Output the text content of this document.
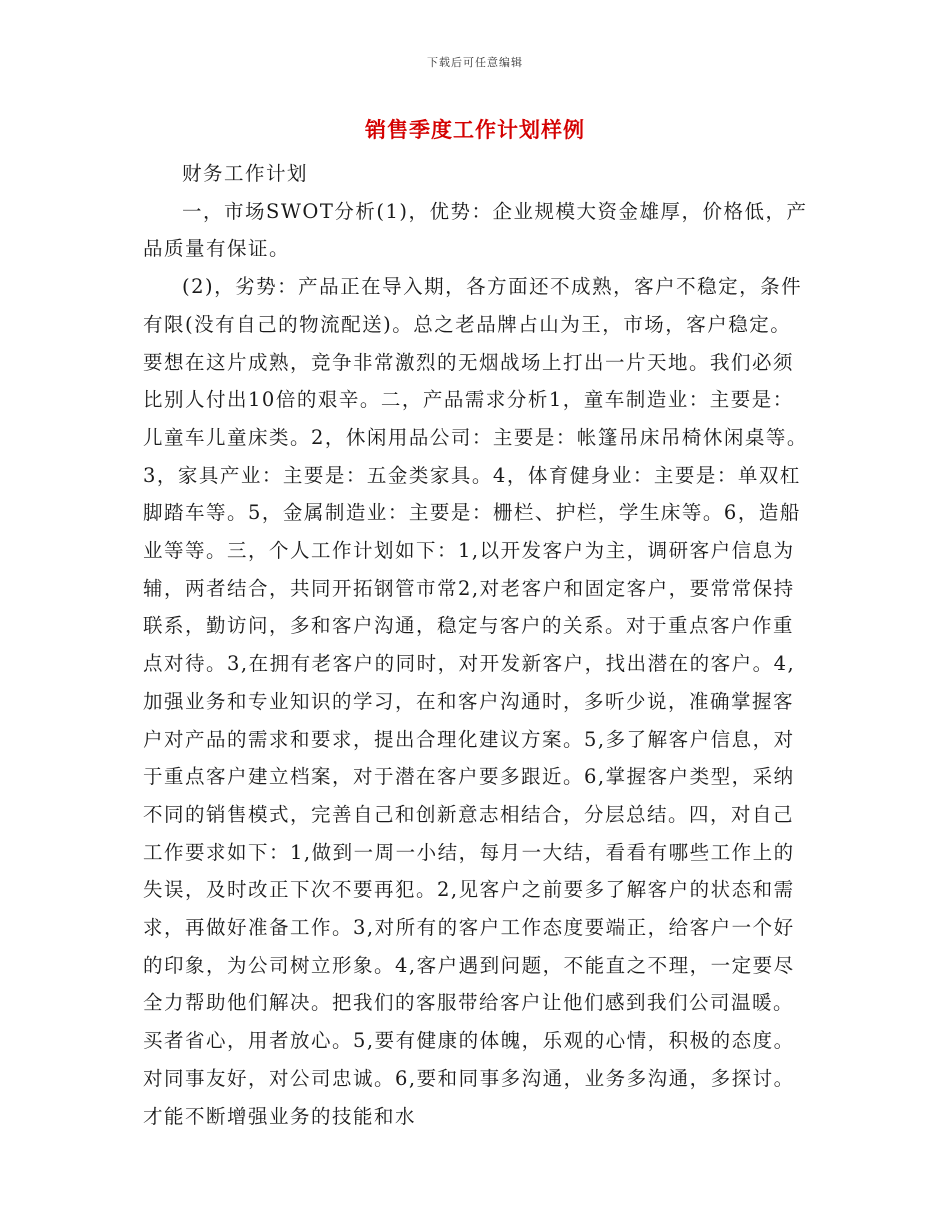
下载后可任意编辑
销售季度工作计划样例

财务工作计划

一，市场SWOT分析(1)，优势：企业规模大资金雄厚，价格低，产品质量有保证。

(2)，劣势：产品正在导入期，各方面还不成熟，客户不稳定，条件有限(没有自己的物流配送)。总之老品牌占山为王，市场，客户稳定。要想在这片成熟，竞争非常激烈的无烟战场上打出一片天地。我们必须比别人付出10倍的艰辛。二，产品需求分析1，童车制造业：主要是：儿童车儿童床类。2，休闲用品公司：主要是：帐篷吊床吊椅休闲桌等。3，家具产业：主要是：五金类家具。4，体育健身业：主要是：单双杠脚踏车等。5，金属制造业：主要是：栅栏、护栏，学生床等。6，造船业等等。三，个人工作计划如下：1,以开发客户为主，调研客户信息为辅，两者结合，共同开拓钢管市常2,对老客户和固定客户，要常常保持联系，勤访问，多和客户沟通，稳定与客户的关系。对于重点客户作重点对待。3,在拥有老客户的同时，对开发新客户，找出潜在的客户。4,加强业务和专业知识的学习，在和客户沟通时，多听少说，准确掌握客户对产品的需求和要求，提出合理化建议方案。5,多了解客户信息，对于重点客户建立档案，对于潜在客户要多跟近。6,掌握客户类型，采纳不同的销售模式，完善自己和创新意志相结合，分层总结。四，对自己工作要求如下：1,做到一周一小结，每月一大结，看看有哪些工作上的失误，及时改正下次不要再犯。2,见客户之前要多了解客户的状态和需求，再做好准备工作。3,对所有的客户工作态度要端正，给客户一个好的印象，为公司树立形象。4,客户遇到问题，不能直之不理，一定要尽全力帮助他们解决。把我们的客服带给客户让他们感到我们公司温暖。买者省心，用者放心。5,要有健康的体魄，乐观的心情，积极的态度。对同事友好，对公司忠诚。6,要和同事多沟通，业务多沟通，多探讨。才能不断增强业务的技能和水
